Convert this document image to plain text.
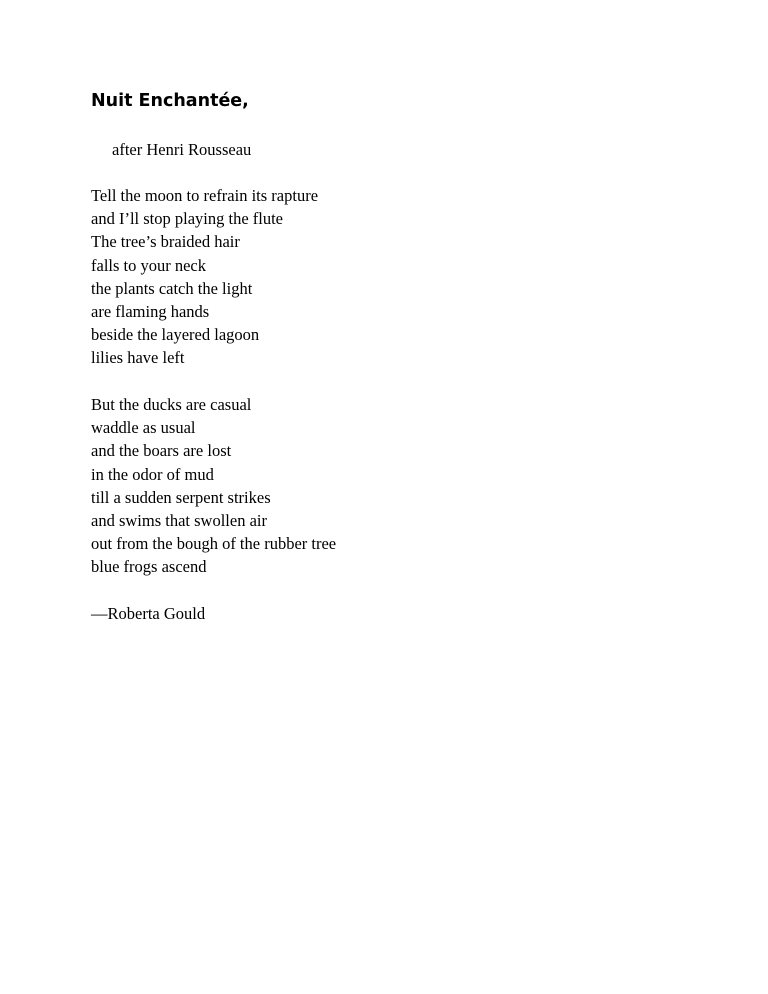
Nuit Enchantée,

after Henri Rousseau

Tell the moon to refrain its rapture
and I’ll stop playing the flute
The tree’s braided hair
falls to your neck
the plants catch the light
are flaming hands
beside the layered lagoon
lilies have left
But the ducks are casual
waddle as usual
and the boars are lost
in the odor of mud
till a sudden serpent strikes
and swims that swollen air
out from the bough of the rubber tree
blue frogs ascend

—Roberta Gould
